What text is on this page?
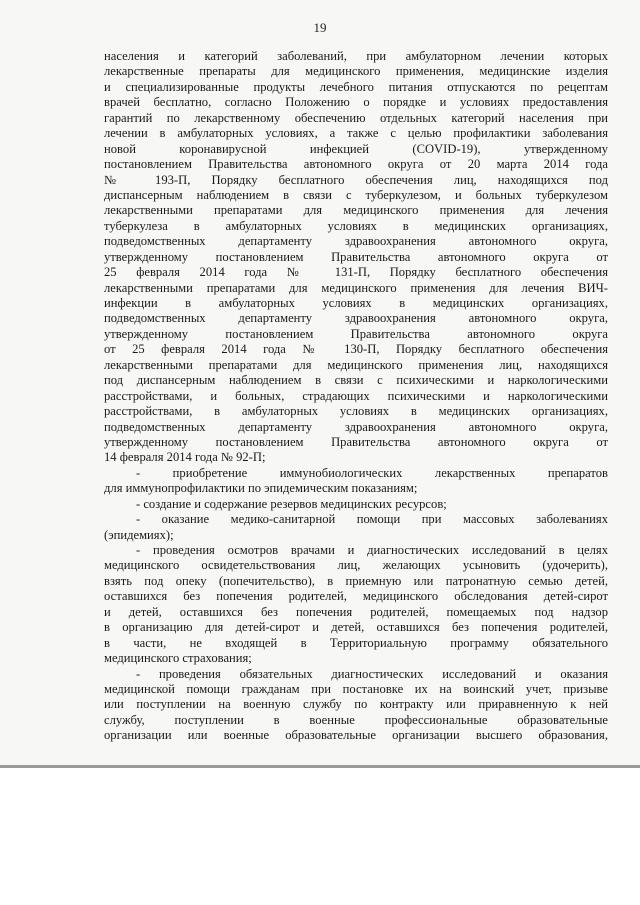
19
населения и категорий заболеваний, при амбулаторном лечении которых
лекарственные препараты для медицинского применения, медицинские изделия
и специализированные продукты лечебного питания отпускаются по рецептам
врачей бесплатно, согласно Положению о порядке и условиях предоставления
гарантий по лекарственному обеспечению отдельных категорий населения при
лечении в амбулаторных условиях, а также с целью профилактики заболевания
новой коронавирусной инфекцией (COVID-19), утвержденному
постановлением Правительства автономного округа от 20 марта 2014 года
№ 193-П, Порядку бесплатного обеспечения лиц, находящихся под
диспансерным наблюдением в связи с туберкулезом, и больных туберкулезом
лекарственными препаратами для медицинского применения для лечения
туберкулеза в амбулаторных условиях в медицинских организациях,
подведомственных департаменту здравоохранения автономного округа,
утвержденному постановлением Правительства автономного округа от
25 февраля 2014 года № 131-П, Порядку бесплатного обеспечения
лекарственными препаратами для медицинского применения для лечения ВИЧ-
инфекции в амбулаторных условиях в медицинских организациях,
подведомственных департаменту здравоохранения автономного округа,
утвержденному постановлением Правительства автономного округа
от 25 февраля 2014 года № 130-П, Порядку бесплатного обеспечения
лекарственными препаратами для медицинского применения лиц, находящихся
под диспансерным наблюдением в связи с психическими и наркологическими
расстройствами, и больных, страдающих психическими и наркологическими
расстройствами, в амбулаторных условиях в медицинских организациях,
подведомственных департаменту здравоохранения автономного округа,
утвержденному постановлением Правительства автономного округа от
14 февраля 2014 года № 92-П;
- приобретение иммунобиологических лекарственных препаратов
для иммунопрофилактики по эпидемическим показаниям;
- создание и содержание резервов медицинских ресурсов;
- оказание медико-санитарной помощи при массовых заболеваниях
(эпидемиях);
- проведения осмотров врачами и диагностических исследований в целях
медицинского освидетельствования лиц, желающих усыновить (удочерить),
взять под опеку (попечительство), в приемную или патронатную семью детей,
оставшихся без попечения родителей, медицинского обследования детей-сирот
и детей, оставшихся без попечения родителей, помещаемых под надзор
в организацию для детей-сирот и детей, оставшихся без попечения родителей,
в части, не входящей в Территориальную программу обязательного
медицинского страхования;
- проведения обязательных диагностических исследований и оказания
медицинской помощи гражданам при постановке их на воинский учет, призыве
или поступлении на военную службу по контракту или приравненную к ней
службу, поступлении в военные профессиональные образовательные
организации или военные образовательные организации высшего образования,
